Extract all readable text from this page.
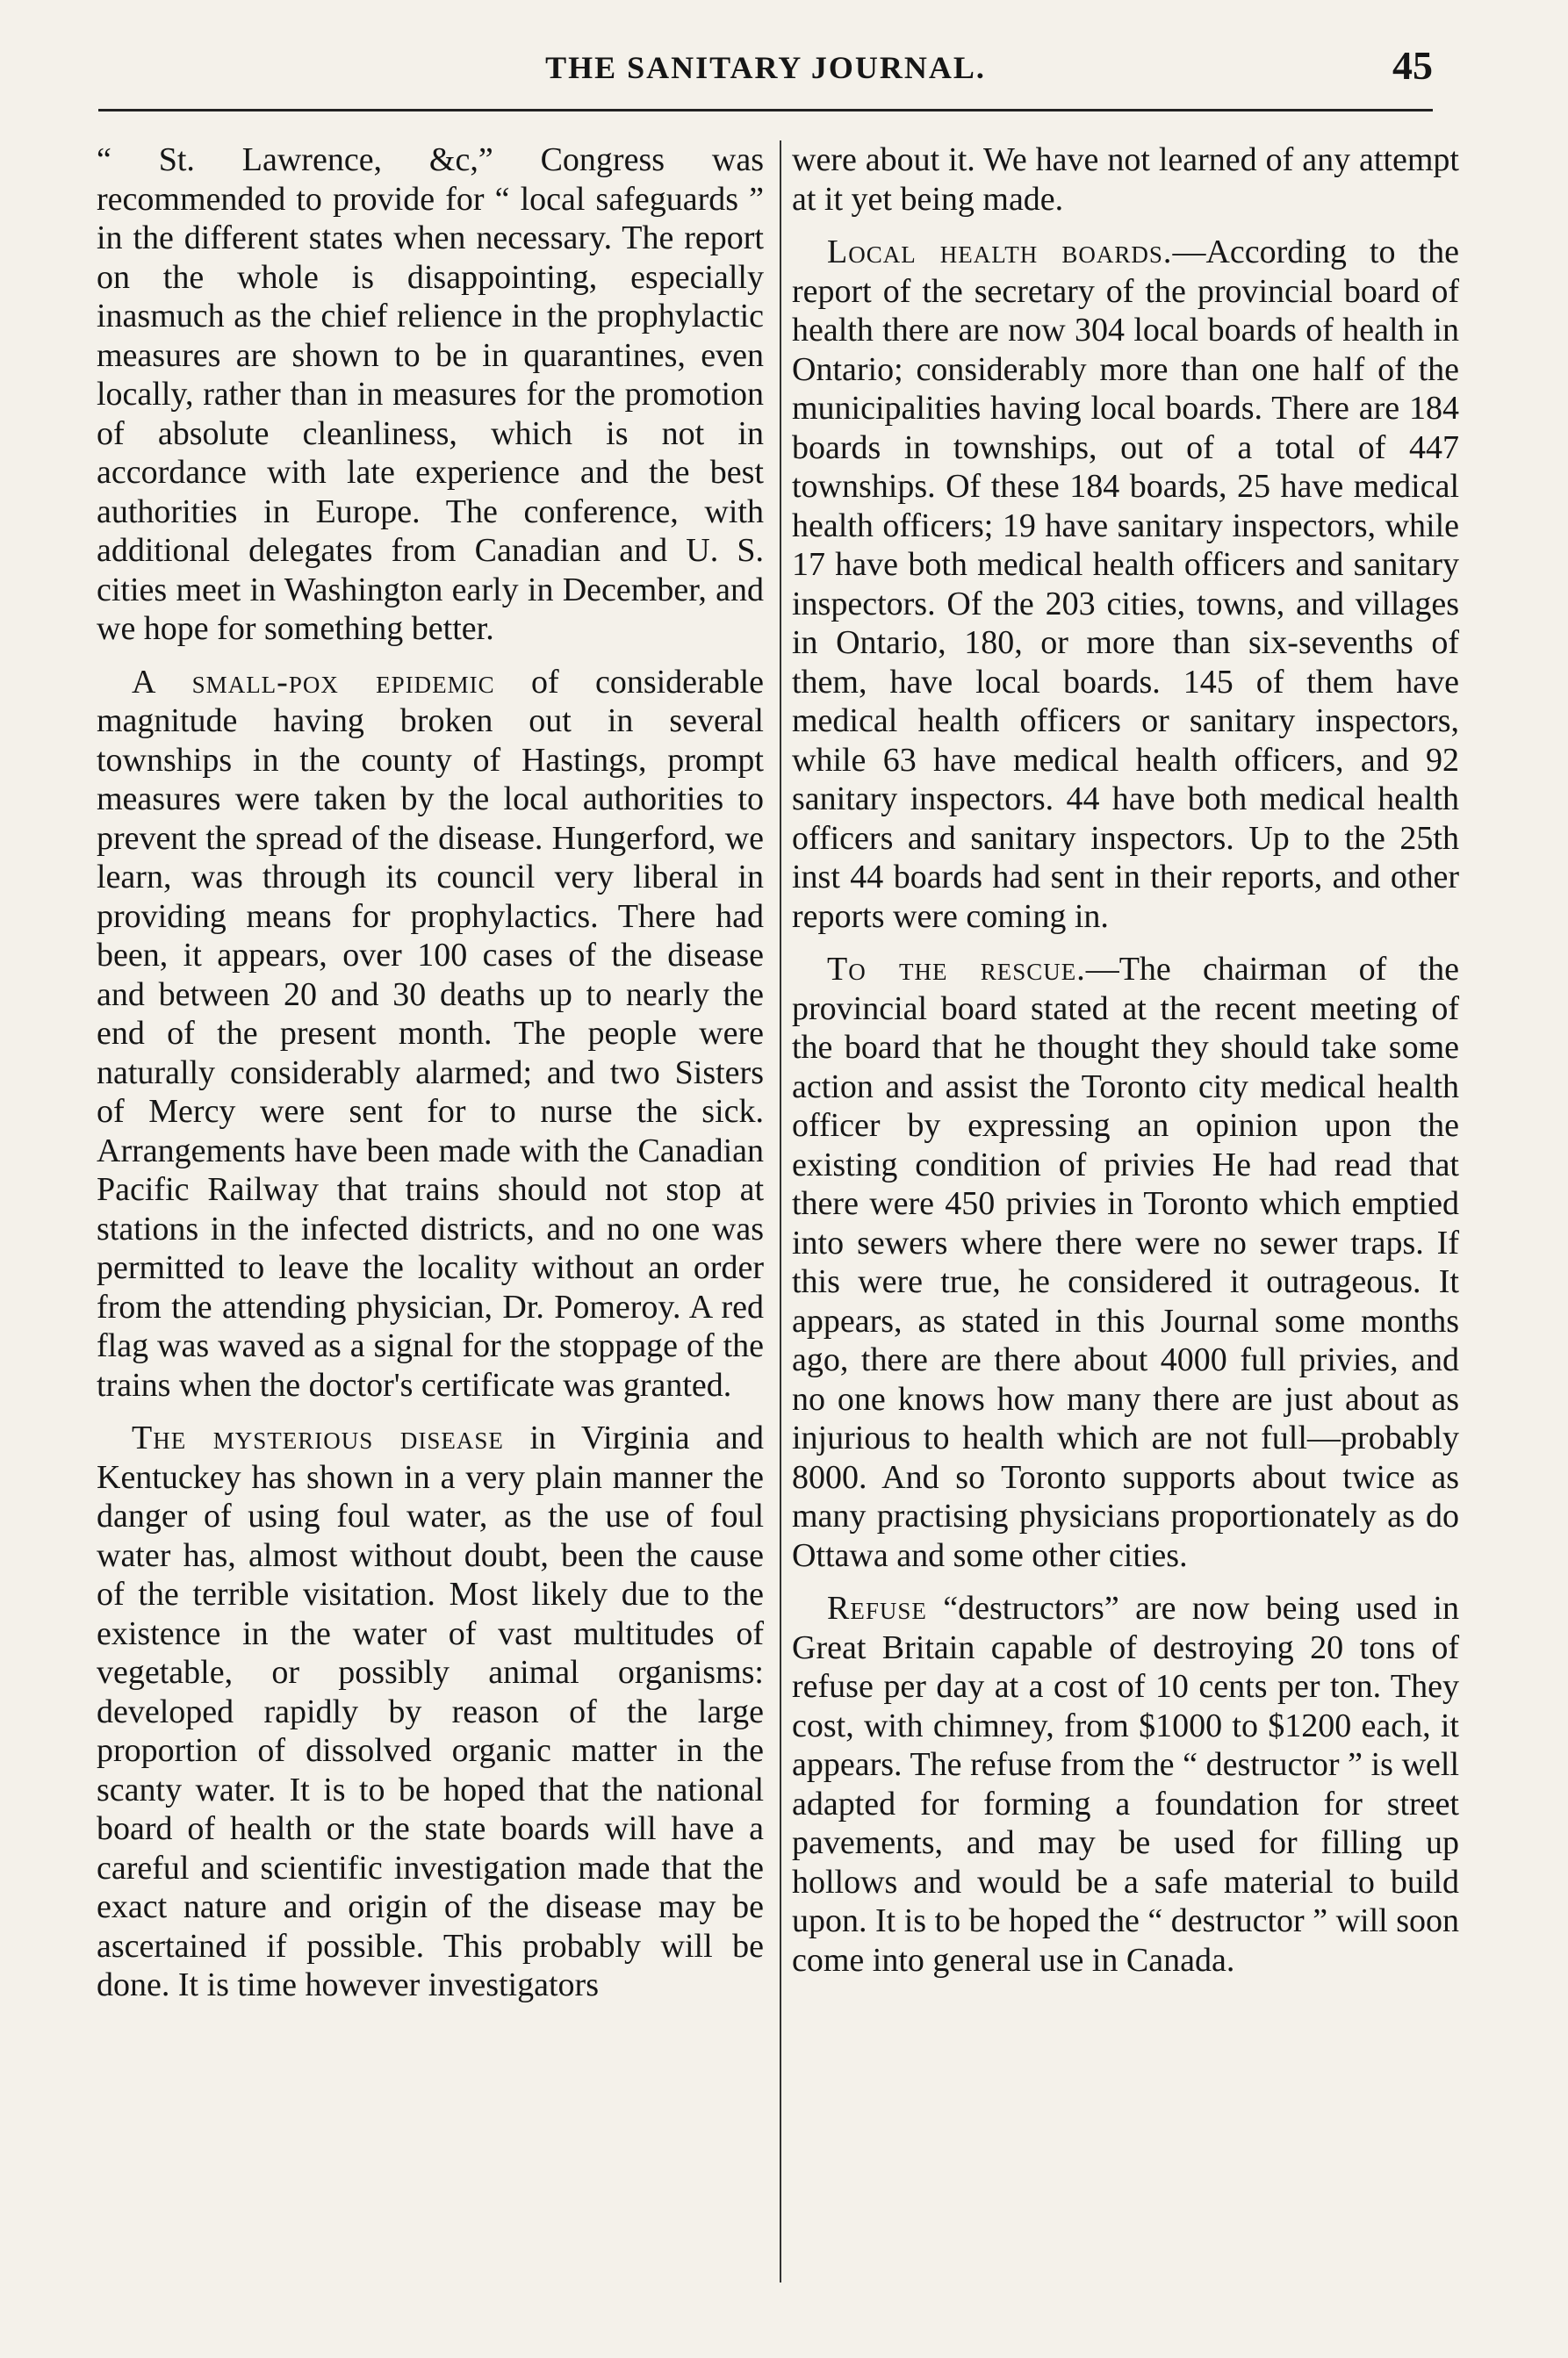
THE SANITARY JOURNAL.	45

“ St. Lawrence, &c,” Congress was recommended to provide for “ local safeguards ” in the different states when necessary. The report on the whole is disappointing, especially inasmuch as the chief relience in the prophylactic measures are shown to be in quarantines, even locally, rather than in measures for the promotion of absolute cleanliness, which is not in accordance with late experience and the best authorities in Europe. The conference, with additional delegates from Canadian and U. S. cities meet in Washington early in December, and we hope for something better.

A small-pox epidemic of considerable magnitude having broken out in several townships in the county of Hastings, prompt measures were taken by the local authorities to prevent the spread of the disease. Hungerford, we learn, was through its council very liberal in providing means for prophylactics. There had been, it appears, over 100 cases of the disease and between 20 and 30 deaths up to nearly the end of the present month. The people were naturally considerably alarmed; and two Sisters of Mercy were sent for to nurse the sick. Arrangements have been made with the Canadian Pacific Railway that trains should not stop at stations in the infected districts, and no one was permitted to leave the locality without an order from the attending physician, Dr. Pomeroy. A red flag was waved as a signal for the stoppage of the trains when the doctor's certificate was granted.

The mysterious disease in Virginia and Kentuckey has shown in a very plain manner the danger of using foul water, as the use of foul water has, almost without doubt, been the cause of the terrible visitation. Most likely due to the existence in the water of vast multitudes of vegetable, or possibly animal organisms: developed rapidly by reason of the large proportion of dissolved organic matter in the scanty water. It is to be hoped that the national board of health or the state boards will have a careful and scientific investigation made that the exact nature and origin of the disease may be ascertained if possible. This probably will be done. It is time however investigators

were about it. We have not learned of any attempt at it yet being made.

Local health boards.—According to the report of the secretary of the provincial board of health there are now 304 local boards of health in Ontario; considerably more than one half of the municipalities having local boards. There are 184 boards in townships, out of a total of 447 townships. Of these 184 boards, 25 have medical health officers; 19 have sanitary inspectors, while 17 have both medical health officers and sanitary inspectors. Of the 203 cities, towns, and villages in Ontario, 180, or more than six-sevenths of them, have local boards. 145 of them have medical health officers or sanitary inspectors, while 63 have medical health officers, and 92 sanitary inspectors. 44 have both medical health officers and sanitary inspectors. Up to the 25th inst 44 boards had sent in their reports, and other reports were coming in.

To the rescue.—The chairman of the provincial board stated at the recent meeting of the board that he thought they should take some action and assist the Toronto city medical health officer by expressing an opinion upon the existing condition of privies He had read that there were 450 privies in Toronto which emptied into sewers where there were no sewer traps. If this were true, he considered it outrageous. It appears, as stated in this Journal some months ago, there are there about 4000 full privies, and no one knows how many there are just about as injurious to health which are not full—probably 8000. And so Toronto supports about twice as many practising physicians proportionately as do Ottawa and some other cities.

Refuse “destructors” are now being used in Great Britain capable of destroying 20 tons of refuse per day at a cost of 10 cents per ton. They cost, with chimney, from $1000 to $1200 each, it appears. The refuse from the “ destructor ” is well adapted for forming a foundation for street pavements, and may be used for filling up hollows and would be a safe material to build upon. It is to be hoped the “ destructor ” will soon come into general use in Canada.
